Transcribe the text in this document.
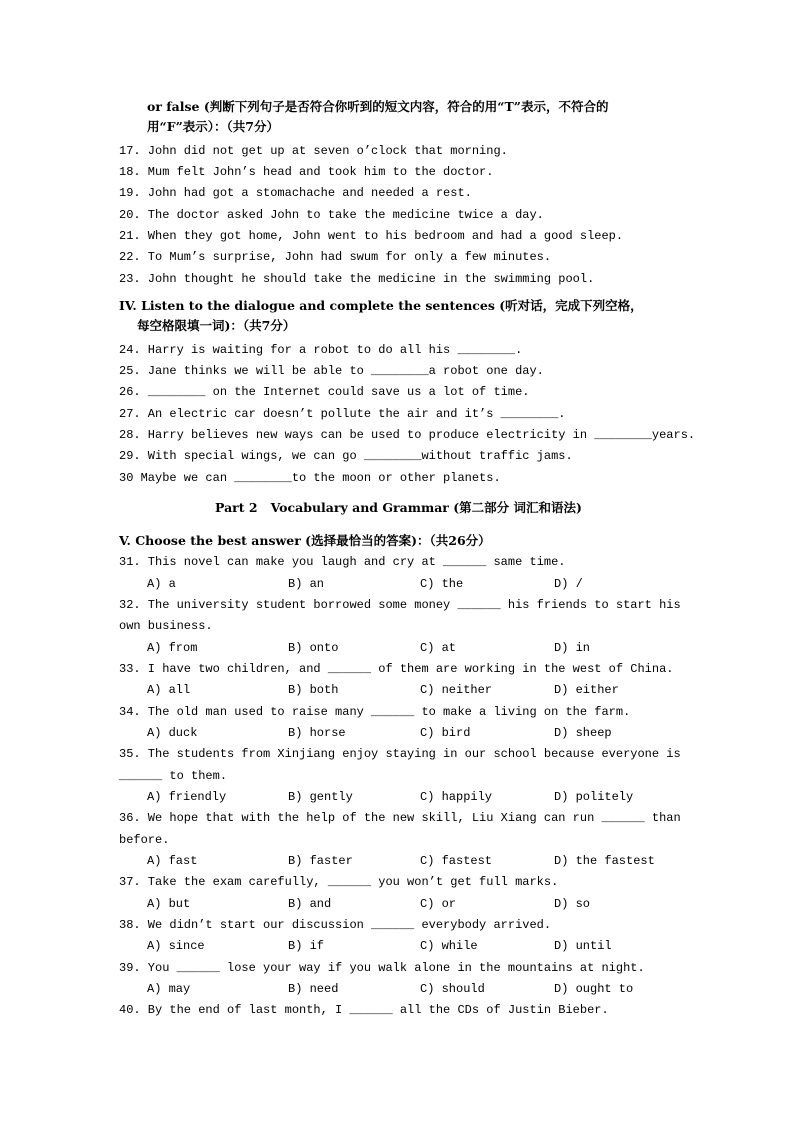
or false (判断下列句子是否符合你听到的短文内容，符合的用“T”表示，不符合的
用“F”表示）：（共7分）
17. John did not get up at seven o’clock that morning.
18. Mum felt John’s head and took him to the doctor.
19. John had got a stomachache and needed a rest.
20. The doctor asked John to take the medicine twice a day.
21. When they got home, John went to his bedroom and had a good sleep.
22. To Mum’s surprise, John had swum for only a few minutes.
23. John thought he should take the medicine in the swimming pool.
IV. Listen to the dialogue and complete the sentences (听对话，完成下列空格，
每空格限填一词)：（共7分）
24. Harry is waiting for a robot to do all his ________.
25. Jane thinks we will be able to ________a robot one day.
26. ________ on the Internet could save us a lot of time.
27. An electric car doesn’t pollute the air and it’s ________.
28. Harry believes new ways can be used to produce electricity in ________years.
29. With special wings, we can go ________without traffic jams.
30 Maybe we can ________to the moon or other planets.
Part 2   Vocabulary and Grammar (第二部分 词汇和语法)
V. Choose the best answer (选择最恰当的答案)：（共26分）
31. This novel can make you laugh and cry at ______ same time.
A) a	B) an	C) the	D) /
32. The university student borrowed some money ______ his friends to start his
own business.
A) from	B) onto	C) at	D) in
33. I have two children, and ______ of them are working in the west of China.
A) all	B) both	C) neither	D) either
34. The old man used to raise many ______ to make a living on the farm.
A) duck	B) horse	C) bird	D) sheep
35. The students from Xinjiang enjoy staying in our school because everyone is
______ to them.
A) friendly	B) gently	C) happily	D) politely
36. We hope that with the help of the new skill, Liu Xiang can run ______ than
before.
A) fast	B) faster	C) fastest	D) the fastest
37. Take the exam carefully, ______ you won’t get full marks.
A) but	B) and	C) or	D) so
38. We didn’t start our discussion ______ everybody arrived.
A) since	B) if	C) while	D) until
39. You ______ lose your way if you walk alone in the mountains at night.
A) may	B) need	C) should	D) ought to
40. By the end of last month, I ______ all the CDs of Justin Bieber.
